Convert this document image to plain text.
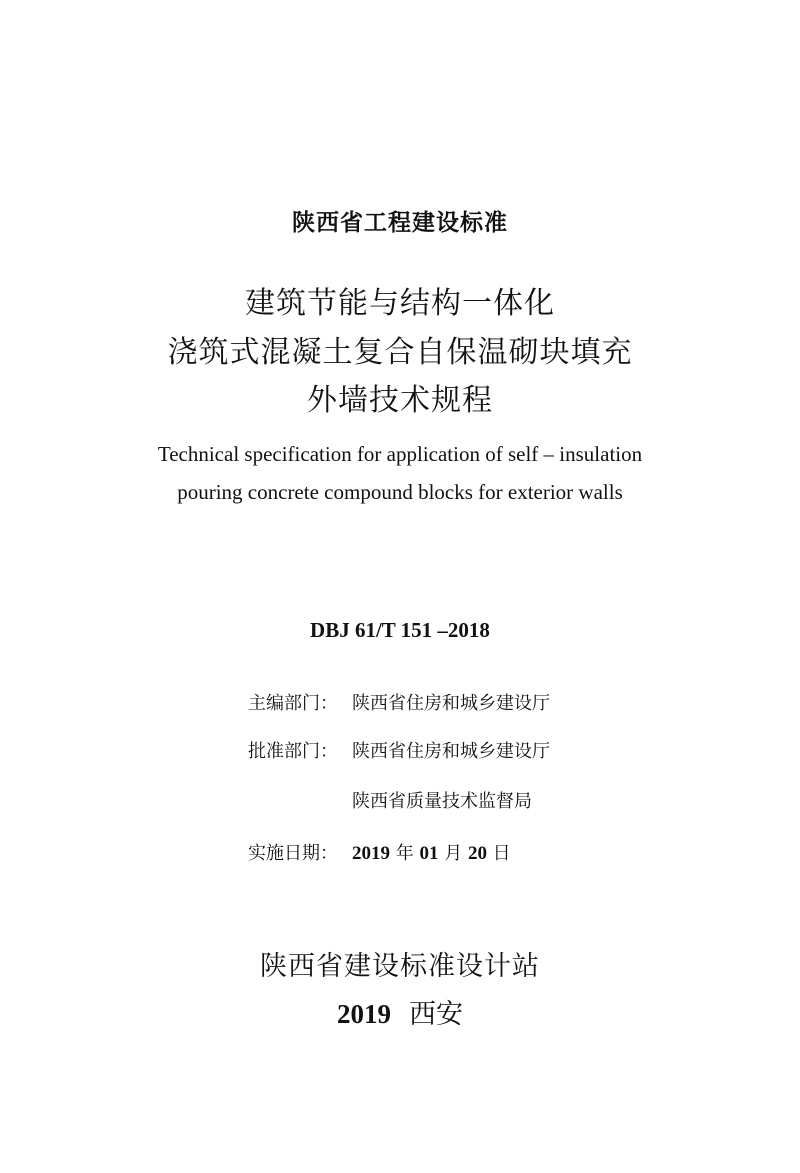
陕西省工程建设标准
建筑节能与结构一体化
浇筑式混凝土复合自保温砌块填充
外墙技术规程
Technical specification for application of self – insulation
pouring concrete compound blocks for exterior walls
DBJ 61/T 151 –2018
主编部门： 陕西省住房和城乡建设厅
批准部门： 陕西省住房和城乡建设厅
陕西省质量技术监督局
实施日期： 2019 年 01 月 20 日
陕西省建设标准设计站
2019 西安
